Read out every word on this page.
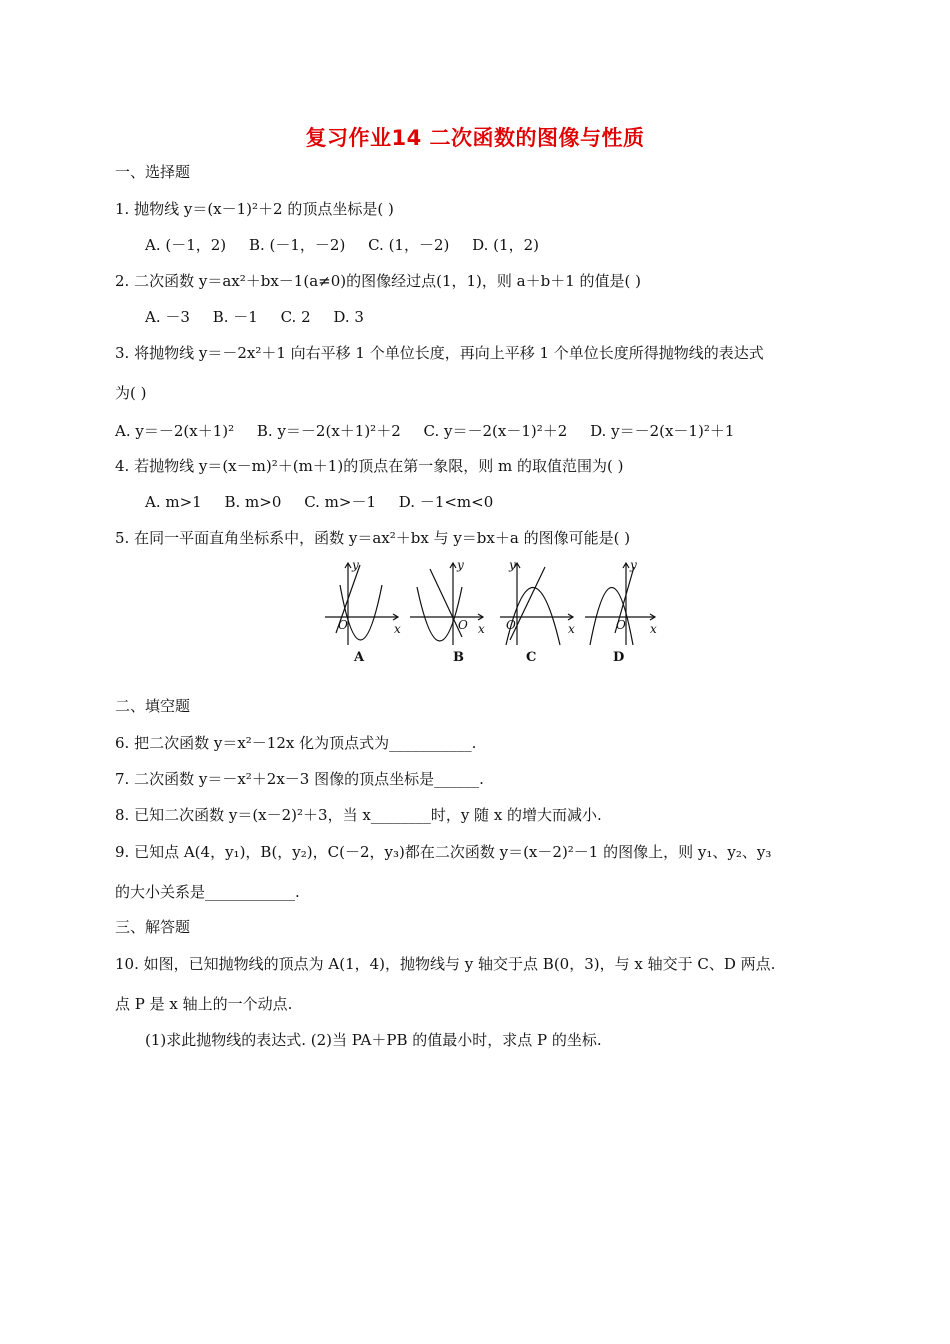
复习作业14 二次函数的图像与性质
一、选择题
1. 抛物线 y＝(x－1)²＋2 的顶点坐标是( )
A. (－1，2) B. (－1，－2) C. (1，－2) D. (1，2)
2. 二次函数 y＝ax²＋bx－1(a≠0)的图像经过点(1，1)，则 a＋b＋1 的值是( )
A. －3 B. －1 C. 2 D. 3
3. 将抛物线 y＝－2x²＋1 向右平移 1 个单位长度，再向上平移 1 个单位长度所得抛物线的表达式
为( )
A. y＝－2(x＋1)² B. y＝－2(x＋1)²＋2 C. y＝－2(x－1)²＋2 D. y＝－2(x－1)²＋1
4. 若抛物线 y＝(x－m)²＋(m＋1)的顶点在第一象限，则 m 的取值范围为( )
A. m>1 B. m>0 C. m>－1 D. －1<m<0
5. 在同一平面直角坐标系中，函数 y＝ax²＋bx 与 y＝bx＋a 的图像可能是( )
y
x
O
y
x
O
y
x
O
y
x
O
A	B	C	D
二、填空题
6. 把二次函数 y＝x²－12x 化为顶点式为___________.
7. 二次函数 y＝－x²＋2x－3 图像的顶点坐标是______.
8. 已知二次函数 y＝(x－2)²＋3，当 x________时，y 随 x 的增大而减小.
9. 已知点 A(4，y₁)，B(，y₂)，C(－2，y₃)都在二次函数 y＝(x－2)²－1 的图像上，则 y₁、y₂、y₃
的大小关系是____________.
三、解答题
10. 如图，已知抛物线的顶点为 A(1，4)，抛物线与 y 轴交于点 B(0，3)，与 x 轴交于 C、D 两点.
点 P 是 x 轴上的一个动点.
(1)求此抛物线的表达式. (2)当 PA＋PB 的值最小时，求点 P 的坐标.
